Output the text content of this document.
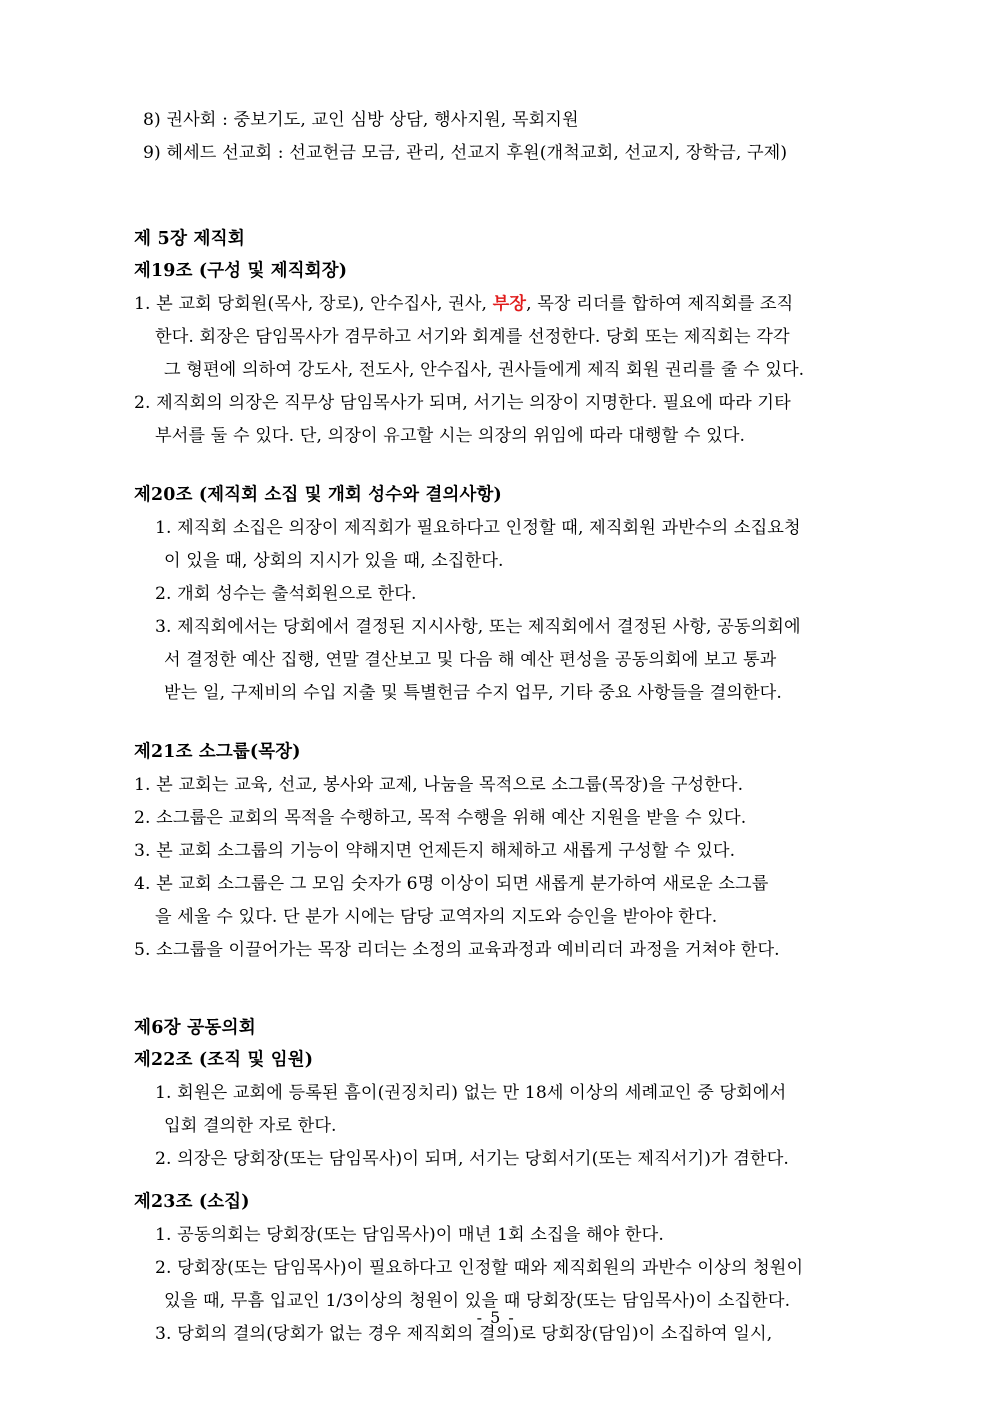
8) 권사회 : 중보기도, 교인 심방 상담, 행사지원, 목회지원
9) 헤세드 선교회 : 선교헌금 모금, 관리, 선교지 후원(개척교회, 선교지, 장학금, 구제)
제 5장 제직회
제19조 (구성 및 제직회장)
1. 본 교회 당회원(목사, 장로), 안수집사, 권사, 부장, 목장 리더를 합하여 제직회를 조직
한다. 회장은 담임목사가 겸무하고 서기와 회계를 선정한다. 당회 또는 제직회는 각각
그 형편에 의하여 강도사, 전도사, 안수집사, 권사들에게 제직 회원 권리를 줄 수 있다.
2. 제직회의 의장은 직무상 담임목사가 되며, 서기는 의장이 지명한다. 필요에 따라 기타
부서를 둘 수 있다. 단, 의장이 유고할 시는 의장의 위임에 따라 대행할 수 있다.
제20조 (제직회 소집 및 개회 성수와 결의사항)
1. 제직회 소집은 의장이 제직회가 필요하다고 인정할 때, 제직회원 과반수의 소집요청
이 있을 때, 상회의 지시가 있을 때, 소집한다.
2. 개회 성수는 출석회원으로 한다.
3. 제직회에서는 당회에서 결정된 지시사항, 또는 제직회에서 결정된 사항, 공동의회에
서 결정한 예산 집행, 연말 결산보고 및 다음 해 예산 편성을 공동의회에 보고 통과
받는 일, 구제비의 수입 지출 및 특별헌금 수지 업무, 기타 중요 사항들을 결의한다.
제21조 소그룹(목장)
1. 본 교회는 교육, 선교, 봉사와 교제, 나눔을 목적으로 소그룹(목장)을 구성한다.
2. 소그룹은 교회의 목적을 수행하고, 목적 수행을 위해 예산 지원을 받을 수 있다.
3. 본 교회 소그룹의 기능이 약해지면 언제든지 해체하고 새롭게 구성할 수 있다.
4. 본 교회 소그룹은 그 모임 숫자가 6명 이상이 되면 새롭게 분가하여 새로운 소그룹
을 세울 수 있다. 단 분가 시에는 담당 교역자의 지도와 승인을 받아야 한다.
5. 소그룹을 이끌어가는 목장 리더는 소정의 교육과정과 예비리더 과정을 거쳐야 한다.
제6장 공동의회
제22조 (조직 및 임원)
1. 회원은 교회에 등록된 흠이(권징치리) 없는 만 18세 이상의 세례교인 중 당회에서
입회 결의한 자로 한다.
2. 의장은 당회장(또는 담임목사)이 되며, 서기는 당회서기(또는 제직서기)가 겸한다.
제23조 (소집)
1. 공동의회는 당회장(또는 담임목사)이 매년 1회 소집을 해야 한다.
2. 당회장(또는 담임목사)이 필요하다고 인정할 때와 제직회원의 과반수 이상의 청원이
있을 때, 무흠 입교인 1/3이상의 청원이 있을 때 당회장(또는 담임목사)이 소집한다.
3. 당회의 결의(당회가 없는 경우 제직회의 결의)로 당회장(담임)이 소집하여 일시,
- 5 -
